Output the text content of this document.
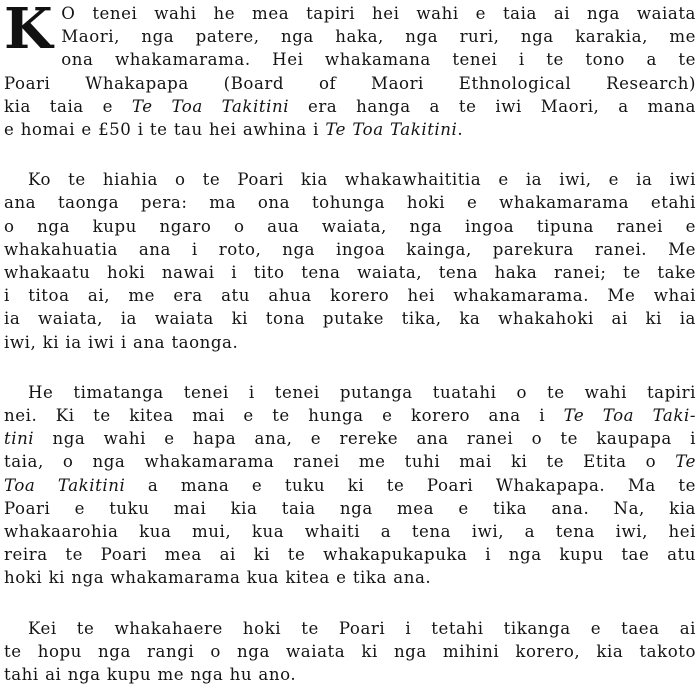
K O tenei wahi he mea tapiri hei wahi e taia ai nga waiata
Maori, nga patere, nga haka, nga ruri, nga karakia, me
ona whakamarama. Hei whakamana tenei i te tono a te
Poari Whakapapa (Board of Maori Ethnological Research)
kia taia e Te Toa Takitini era hanga a te iwi Maori, a mana
e homai e £50 i te tau hei awhina i Te Toa Takitini.
Ko te hiahia o te Poari kia whakawhaititia e ia iwi, e ia iwi
ana taonga pera: ma ona tohunga hoki e whakamarama etahi
o nga kupu ngaro o aua waiata, nga ingoa tipuna ranei e
whakahuatia ana i roto, nga ingoa kainga, parekura ranei. Me
whakaatu hoki nawai i tito tena waiata, tena haka ranei; te take
i titoa ai, me era atu ahua korero hei whakamarama. Me whai
ia waiata, ia waiata ki tona putake tika, ka whakahoki ai ki ia
iwi, ki ia iwi i ana taonga.
He timatanga tenei i tenei putanga tuatahi o te wahi tapiri
nei. Ki te kitea mai e te hunga e korero ana i Te Toa Taki-
tini nga wahi e hapa ana, e rereke ana ranei o te kaupapa i
taia, o nga whakamarama ranei me tuhi mai ki te Etita o Te
Toa Takitini a mana e tuku ki te Poari Whakapapa. Ma te
Poari e tuku mai kia taia nga mea e tika ana. Na, kia
whakaarohia kua mui, kua whaiti a tena iwi, a tena iwi, hei
reira te Poari mea ai ki te whakapukapuka i nga kupu tae atu
hoki ki nga whakamarama kua kitea e tika ana.
Kei te whakahaere hoki te Poari i tetahi tikanga e taea ai
te hopu nga rangi o nga waiata ki nga mihini korero, kia takoto
tahi ai nga kupu me nga hu ano.
